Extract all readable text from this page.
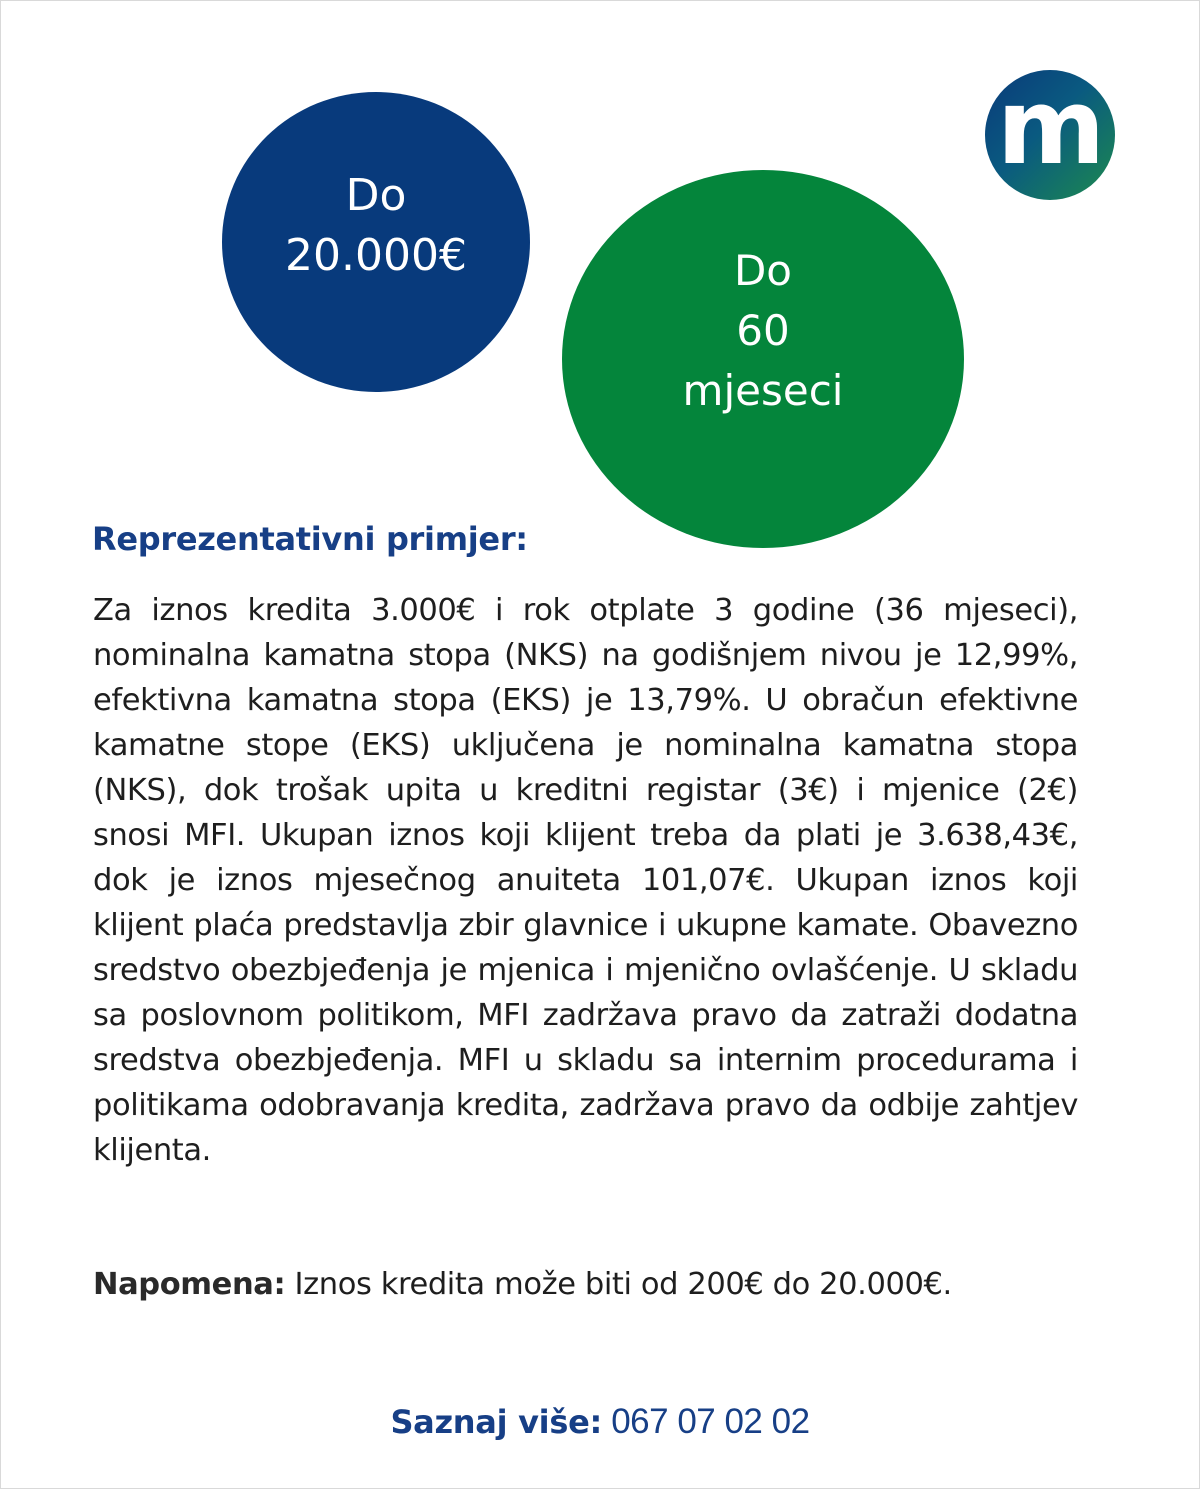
m
Do
20.000€	Do
60
mjeseci
Reprezentativni primjer:
Za iznos kredita 3.000€ i rok otplate 3 godine (36 mjeseci), nominalna kamatna stopa (NKS) na godišnjem nivou je 12,99%, efektivna kamatna stopa (EKS) je 13,79%. U obračun efektivne kamatne stope (EKS) uključena je nominalna kamatna stopa (NKS), dok trošak upita u kreditni registar (3€) i mjenice (2€) snosi MFI. Ukupan iznos koji klijent treba da plati je 3.638,43€, dok je iznos mjesečnog anuiteta 101,07€. Ukupan iznos koji klijent plaća predstavlja zbir glavnice i ukupne kamate. Obavezno sredstvo obezbjeđenja je mjenica i mjenično ovlašćenje. U skladu sa poslovnom politikom, MFI zadržava pravo da zatraži dodatna sredstva obezbjeđenja. MFI u skladu sa internim procedurama i politikama odobravanja kredita, zadržava pravo da odbije zahtjev klijenta.
Napomena: Iznos kredita može biti od 200€ do 20.000€.
Saznaj više: 067 07 02 02
